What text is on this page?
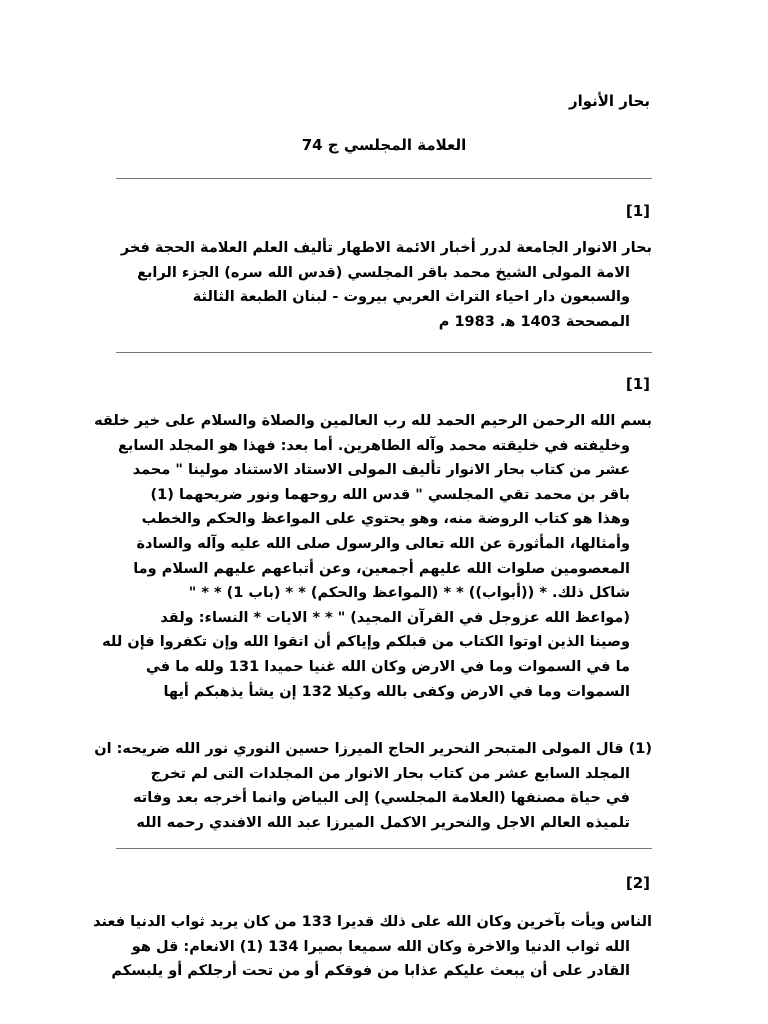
بحار الأنوار
العلامة المجلسي ج 74
[1]
بحار الانوار الجامعة لدرر أخبار الائمة الاطهار تأليف العلم العلامة الحجة فخر
الامة المولى الشيخ محمد باقر المجلسي (قدس الله سره) الجزء الرابع
والسبعون دار احياء التراث العربي بيروت - لبنان الطبعة الثالثة
المصححة 1403 ه‍. 1983 م
[1]
بسم الله الرحمن الرحيم الحمد لله رب العالمين والصلاة والسلام على خير خلقه
وخليفته في خليقته محمد وآله الطاهرين. أما بعد: فهذا هو المجلد السابع
عشر من كتاب بحار الانوار تأليف المولى الاستاد الاستناد مولينا " محمد
باقر بن محمد تقي المجلسي " قدس الله روحهما ونور ضريحهما (1)
وهذا هو كتاب الروضة منه، وهو يحتوي على المواعظ والحكم والخطب
وأمثالها، المأثورة عن الله تعالى والرسول صلى الله عليه وآله والسادة
المعصومين صلوات الله عليهم أجمعين، وعن أتباعهم عليهم السلام وما
شاكل ذلك. * ((أبواب)) * * (المواعظ والحكم) * * (باب 1) * * "
(مواعظ الله عزوجل في القرآن المجيد) " * * الايات * النساء: ولقد
وصينا الذين اوتوا الكتاب من قبلكم وإياكم أن اتقوا الله وإن تكفروا فإن لله
ما في السموات وما في الارض وكان الله غنيا حميدا 131 ولله ما في
السموات وما في الارض وكفى بالله وكيلا 132 إن يشأ يذهبكم أيها
(1) قال المولى المتبحر النحرير الحاج الميرزا حسين النوري نور الله ضريحه: ان
المجلد السابع عشر من كتاب بحار الانوار من المجلدات التى لم تخرج
في حياة مصنفها (العلامة المجلسي) إلى البياض وانما أخرجه بعد وفاته
تلميذه العالم الاجل والنحرير الاكمل الميرزا عبد الله الافندي رحمه الله
[2]
الناس ويأت بآخرين وكان الله على ذلك قديرا 133 من كان يريد ثواب الدنيا فعند
الله ثواب الدنيا والاخرة وكان الله سميعا بصيرا 134 (1) الانعام: قل هو
القادر على أن يبعث عليكم عذابا من فوقكم أو من تحت أرجلكم أو يلبسكم
